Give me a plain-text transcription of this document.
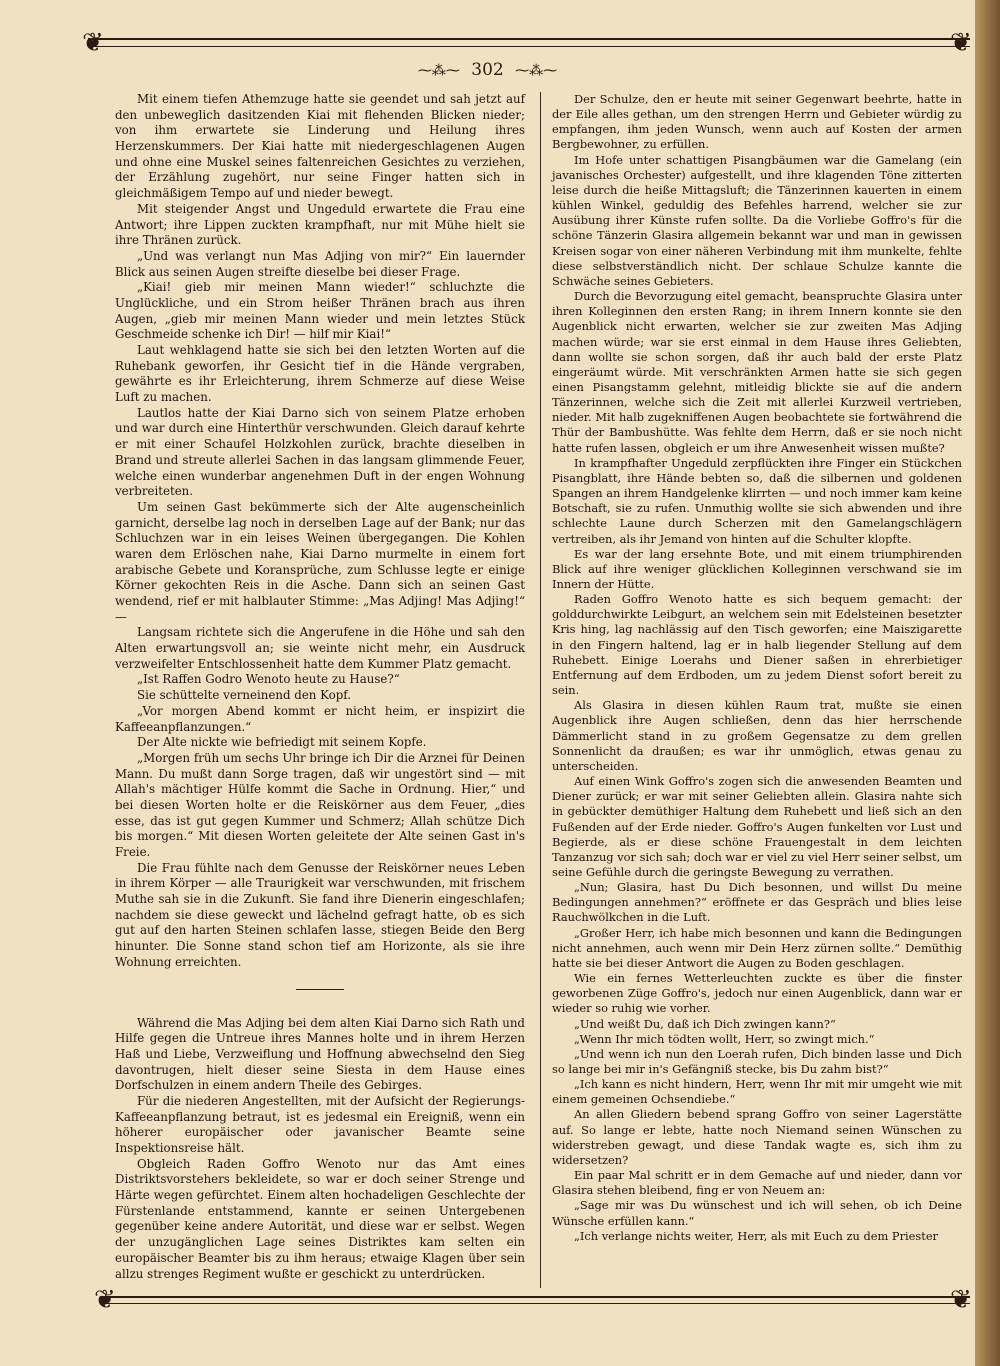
❦	❦
⁓⁂⁓ 302 ⁓⁂⁓

Mit einem tiefen Athemzuge hatte sie geendet und sah jetzt auf den unbeweglich dasitzenden Kiai mit flehenden Blicken nieder; von ihm erwartete sie Linderung und Heilung ihres Herzenskummers. Der Kiai hatte mit niedergeschlagenen Augen und ohne eine Muskel seines faltenreichen Gesichtes zu verziehen, der Erzählung zugehört, nur seine Finger hatten sich in gleichmäßigem Tempo auf und nieder bewegt.

Mit steigender Angst und Ungeduld erwartete die Frau eine Antwort; ihre Lippen zuckten krampfhaft, nur mit Mühe hielt sie ihre Thränen zurück.

„Und was verlangt nun Mas Adjing von mir?“ Ein lauernder Blick aus seinen Augen streifte dieselbe bei dieser Frage.

„Kiai! gieb mir meinen Mann wieder!“ schluchzte die Unglückliche, und ein Strom heißer Thränen brach aus ihren Augen, „gieb mir meinen Mann wieder und mein letztes Stück Geschmeide schenke ich Dir! — hilf mir Kiai!“

Laut wehklagend hatte sie sich bei den letzten Worten auf die Ruhebank geworfen, ihr Gesicht tief in die Hände vergraben, gewährte es ihr Erleichterung, ihrem Schmerze auf diese Weise Luft zu machen.

Lautlos hatte der Kiai Darno sich von seinem Platze erhoben und war durch eine Hinterthür verschwunden. Gleich darauf kehrte er mit einer Schaufel Holzkohlen zurück, brachte dieselben in Brand und streute allerlei Sachen in das langsam glimmende Feuer, welche einen wunderbar angenehmen Duft in der engen Wohnung verbreiteten.

Um seinen Gast bekümmerte sich der Alte augenscheinlich garnicht, derselbe lag noch in derselben Lage auf der Bank; nur das Schluchzen war in ein leises Weinen übergegangen. Die Kohlen waren dem Erlöschen nahe, Kiai Darno murmelte in einem fort arabische Gebete und Koransprüche, zum Schlusse legte er einige Körner gekochten Reis in die Asche. Dann sich an seinen Gast wendend, rief er mit halblauter Stimme: „Mas Adjing! Mas Adjing!“ —

Langsam richtete sich die Angerufene in die Höhe und sah den Alten erwartungsvoll an; sie weinte nicht mehr, ein Ausdruck verzweifelter Entschlossenheit hatte dem Kummer Platz gemacht.

„Ist Raffen Godro Wenoto heute zu Hause?“

Sie schüttelte verneinend den Kopf.

„Vor morgen Abend kommt er nicht heim, er inspizirt die Kaffeeanpflanzungen.“

Der Alte nickte wie befriedigt mit seinem Kopfe.

„Morgen früh um sechs Uhr bringe ich Dir die Arznei für Deinen Mann. Du mußt dann Sorge tragen, daß wir ungestört sind — mit Allah's mächtiger Hülfe kommt die Sache in Ordnung. Hier,“ und bei diesen Worten holte er die Reiskörner aus dem Feuer, „dies esse, das ist gut gegen Kummer und Schmerz; Allah schütze Dich bis morgen.“ Mit diesen Worten geleitete der Alte seinen Gast in's Freie.

Die Frau fühlte nach dem Genusse der Reiskörner neues Leben in ihrem Körper — alle Traurigkeit war verschwunden, mit frischem Muthe sah sie in die Zukunft. Sie fand ihre Dienerin eingeschlafen; nachdem sie diese geweckt und lächelnd gefragt hatte, ob es sich gut auf den harten Steinen schlafen lasse, stiegen Beide den Berg hinunter. Die Sonne stand schon tief am Horizonte, als sie ihre Wohnung erreichten.

Während die Mas Adjing bei dem alten Kiai Darno sich Rath und Hilfe gegen die Untreue ihres Mannes holte und in ihrem Herzen Haß und Liebe, Verzweiflung und Hoffnung abwechselnd den Sieg davontrugen, hielt dieser seine Siesta in dem Hause eines Dorfschulzen in einem andern Theile des Gebirges.

Für die niederen Angestellten, mit der Aufsicht der Regierungs-Kaffeeanpflanzung betraut, ist es jedesmal ein Ereigniß, wenn ein höherer europäischer oder javanischer Beamte seine Inspektionsreise hält.

Obgleich Raden Goffro Wenoto nur das Amt eines Distriktsvorstehers bekleidete, so war er doch seiner Strenge und Härte wegen gefürchtet. Einem alten hochadeligen Geschlechte der Fürstenlande entstammend, kannte er seinen Untergebenen gegenüber keine andere Autorität, und diese war er selbst. Wegen der unzugänglichen Lage seines Distriktes kam selten ein europäischer Beamter bis zu ihm heraus; etwaige Klagen über sein allzu strenges Regiment wußte er geschickt zu unterdrücken.

Der Schulze, den er heute mit seiner Gegenwart beehrte, hatte in der Eile alles gethan, um den strengen Herrn und Gebieter würdig zu empfangen, ihm jeden Wunsch, wenn auch auf Kosten der armen Bergbewohner, zu erfüllen.

Im Hofe unter schattigen Pisangbäumen war die Gamelang (ein javanisches Orchester) aufgestellt, und ihre klagenden Töne zitterten leise durch die heiße Mittagsluft; die Tänzerinnen kauerten in einem kühlen Winkel, geduldig des Befehles harrend, welcher sie zur Ausübung ihrer Künste rufen sollte. Da die Vorliebe Goffro's für die schöne Tänzerin Glasira allgemein bekannt war und man in gewissen Kreisen sogar von einer näheren Verbindung mit ihm munkelte, fehlte diese selbstverständlich nicht. Der schlaue Schulze kannte die Schwäche seines Gebieters.

Durch die Bevorzugung eitel gemacht, beanspruchte Glasira unter ihren Kolleginnen den ersten Rang; in ihrem Innern konnte sie den Augenblick nicht erwarten, welcher sie zur zweiten Mas Adjing machen würde; war sie erst einmal in dem Hause ihres Geliebten, dann wollte sie schon sorgen, daß ihr auch bald der erste Platz eingeräumt würde. Mit verschränkten Armen hatte sie sich gegen einen Pisangstamm gelehnt, mitleidig blickte sie auf die andern Tänzerinnen, welche sich die Zeit mit allerlei Kurzweil vertrieben, nieder. Mit halb zugekniffenen Augen beobachtete sie fortwährend die Thür der Bambushütte. Was fehlte dem Herrn, daß er sie noch nicht hatte rufen lassen, obgleich er um ihre Anwesenheit wissen mußte?

In krampfhafter Ungeduld zerpflückten ihre Finger ein Stückchen Pisangblatt, ihre Hände bebten so, daß die silbernen und goldenen Spangen an ihrem Handgelenke klirrten — und noch immer kam keine Botschaft, sie zu rufen. Unmuthig wollte sie sich abwenden und ihre schlechte Laune durch Scherzen mit den Gamelangschlägern vertreiben, als ihr Jemand von hinten auf die Schulter klopfte.

Es war der lang ersehnte Bote, und mit einem triumphirenden Blick auf ihre weniger glücklichen Kolleginnen verschwand sie im Innern der Hütte.

Raden Goffro Wenoto hatte es sich bequem gemacht: der golddurchwirkte Leibgurt, an welchem sein mit Edelsteinen besetzter Kris hing, lag nachlässig auf den Tisch geworfen; eine Maiszigarette in den Fingern haltend, lag er in halb liegender Stellung auf dem Ruhebett. Einige Loerahs und Diener saßen in ehrerbietiger Entfernung auf dem Erdboden, um zu jedem Dienst sofort bereit zu sein.

Als Glasira in diesen kühlen Raum trat, mußte sie einen Augenblick ihre Augen schließen, denn das hier herrschende Dämmerlicht stand in zu großem Gegensatze zu dem grellen Sonnenlicht da draußen; es war ihr unmöglich, etwas genau zu unterscheiden.

Auf einen Wink Goffro's zogen sich die anwesenden Beamten und Diener zurück; er war mit seiner Geliebten allein. Glasira nahte sich in gebückter demüthiger Haltung dem Ruhebett und ließ sich an den Fußenden auf der Erde nieder. Goffro's Augen funkelten vor Lust und Begierde, als er diese schöne Frauengestalt in dem leichten Tanzanzug vor sich sah; doch war er viel zu viel Herr seiner selbst, um seine Gefühle durch die geringste Bewegung zu verrathen.

„Nun; Glasira, hast Du Dich besonnen, und willst Du meine Bedingungen annehmen?“ eröffnete er das Gespräch und blies leise Rauchwölkchen in die Luft.

„Großer Herr, ich habe mich besonnen und kann die Bedingungen nicht annehmen, auch wenn mir Dein Herz zürnen sollte.“ Demüthig hatte sie bei dieser Antwort die Augen zu Boden geschlagen.

Wie ein fernes Wetterleuchten zuckte es über die finster geworbenen Züge Goffro's, jedoch nur einen Augenblick, dann war er wieder so ruhig wie vorher.

„Und weißt Du, daß ich Dich zwingen kann?“

„Wenn Ihr mich tödten wollt, Herr, so zwingt mich.“

„Und wenn ich nun den Loerah rufen, Dich binden lasse und Dich so lange bei mir in's Gefängniß stecke, bis Du zahm bist?“

„Ich kann es nicht hindern, Herr, wenn Ihr mit mir umgeht wie mit einem gemeinen Ochsendiebe.“

An allen Gliedern bebend sprang Goffro von seiner Lagerstätte auf. So lange er lebte, hatte noch Niemand seinen Wünschen zu widerstreben gewagt, und diese Tandak wagte es, sich ihm zu widersetzen?

Ein paar Mal schritt er in dem Gemache auf und nieder, dann vor Glasira stehen bleibend, fing er von Neuem an:

„Sage mir was Du wünschest und ich will sehen, ob ich Deine Wünsche erfüllen kann.“

„Ich verlange nichts weiter, Herr, als mit Euch zu dem Priester

❦	❦
